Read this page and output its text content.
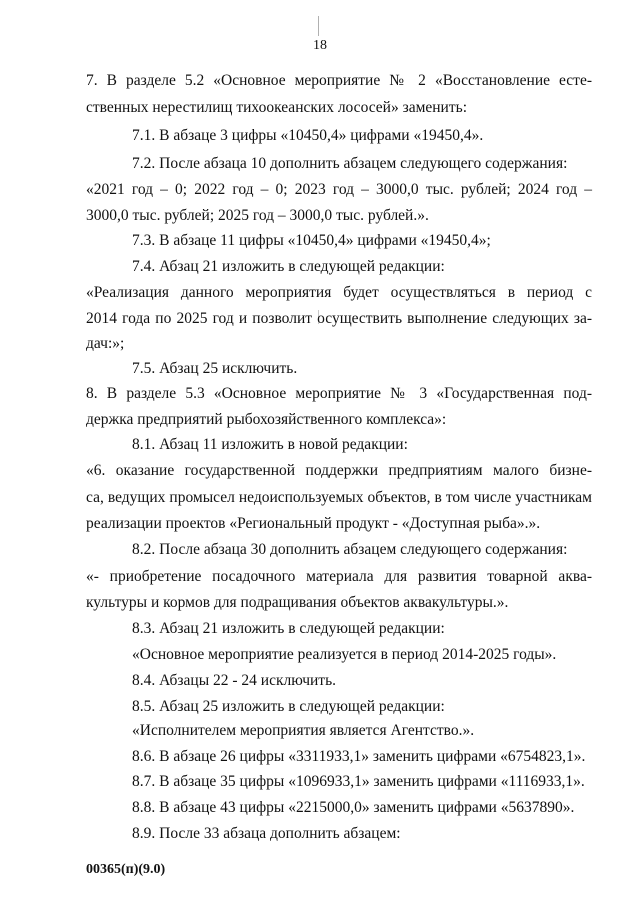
18
7. В разделе 5.2 «Основное мероприятие № 2 «Восстановление есте-
ственных нерестилищ тихоокеанских лососей» заменить:
7.1. В абзаце 3 цифры «10450,4» цифрами «19450,4».
7.2. После абзаца 10 дополнить абзацем следующего содержания:
«2021 год – 0; 2022 год – 0; 2023 год – 3000,0 тыс. рублей; 2024 год –
3000,0 тыс. рублей; 2025 год – 3000,0 тыс. рублей.».
7.3. В абзаце 11 цифры «10450,4» цифрами «19450,4»;
7.4. Абзац 21 изложить в следующей редакции:
«Реализация данного мероприятия будет осуществляться в период с
2014 года по 2025 год и позволит осуществить выполнение следующих за-
дач:»;
7.5. Абзац 25 исключить.
8. В разделе 5.3 «Основное мероприятие № 3 «Государственная под-
держка предприятий рыбохозяйственного комплекса»:
8.1. Абзац 11 изложить в новой редакции:
«6. оказание государственной поддержки предприятиям малого бизне-
са, ведущих промысел недоиспользуемых объектов, в том числе участникам
реализации проектов «Региональный продукт - «Доступная рыба».».
8.2. После абзаца 30 дополнить абзацем следующего содержания:
«- приобретение посадочного материала для развития товарной аква-
культуры и кормов для подращивания объектов аквакультуры.».
8.3. Абзац 21 изложить в следующей редакции:
«Основное мероприятие реализуется в период 2014-2025 годы».
8.4. Абзацы 22 - 24 исключить.
8.5. Абзац 25 изложить в следующей редакции:
«Исполнителем мероприятия является Агентство.».
8.6. В абзаце 26 цифры «3311933,1» заменить цифрами «6754823,1».
8.7. В абзаце 35 цифры «1096933,1» заменить цифрами «1116933,1».
8.8. В абзаце 43 цифры «2215000,0» заменить цифрами «5637890».
8.9. После 33 абзаца дополнить абзацем:
00365(п)(9.0)
